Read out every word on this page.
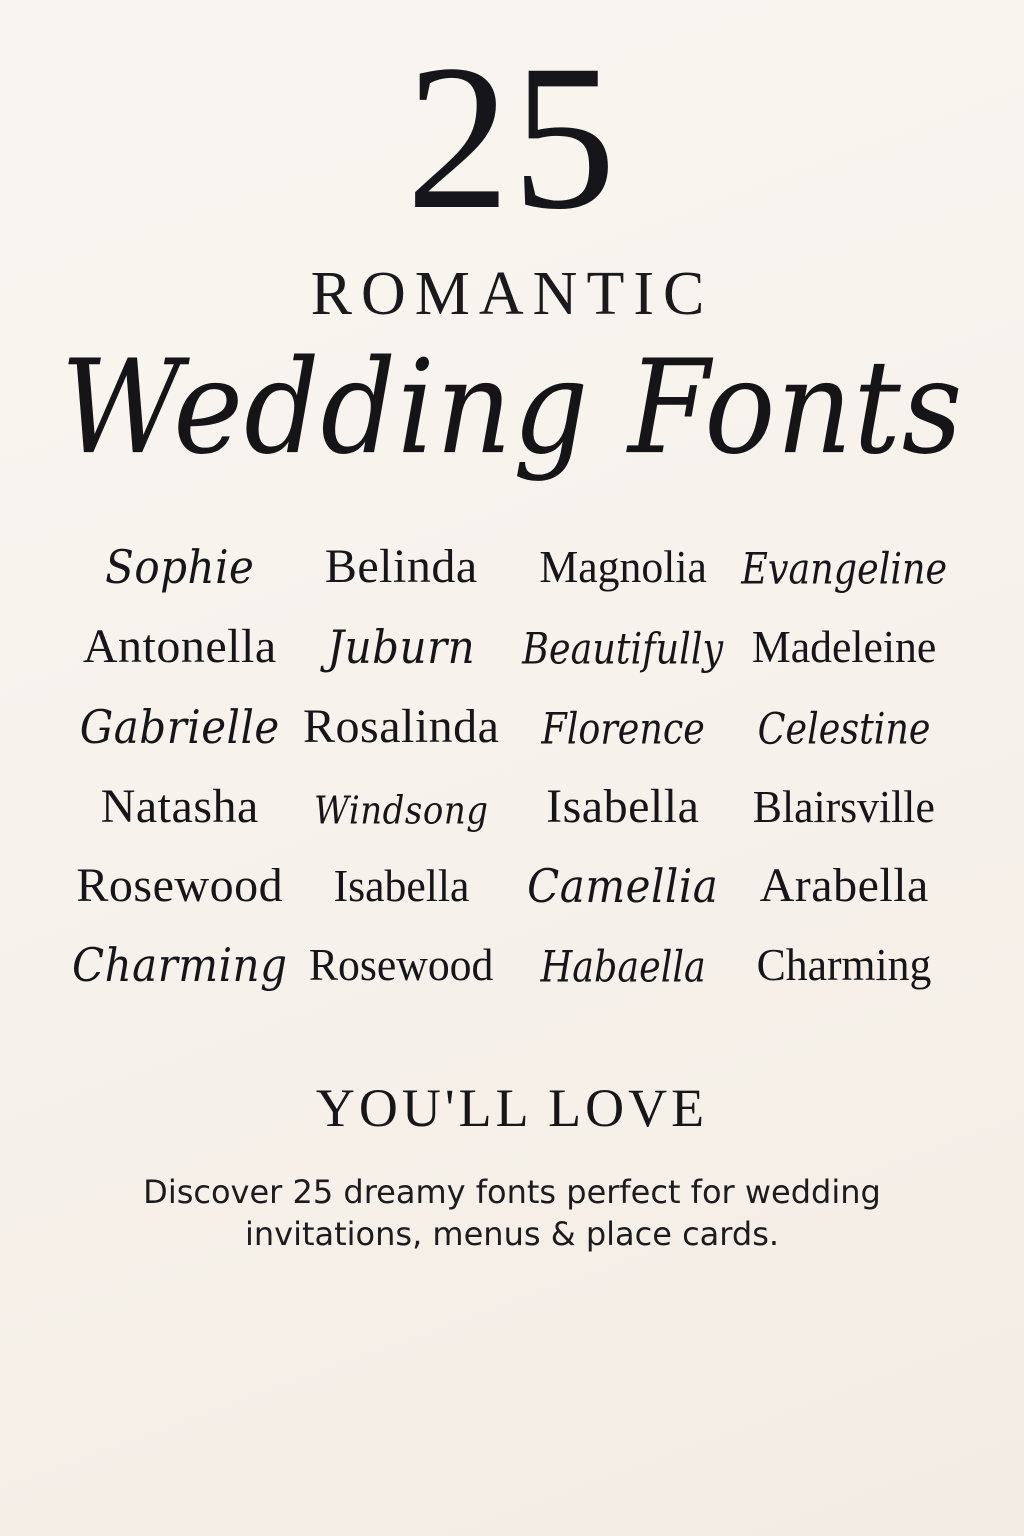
25
ROMANTIC
Wedding Fonts
Sophie Belinda Magnolia Evangeline
Antonella Juburn Beautifully Madeleine
Gabrielle Rosalinda Florence Celestine
Natasha Windsong Isabella Blairsville
Rosewood Isabella Camellia Arabella
Charming Rosewood Habaella Charming
YOU'LL LOVE
Discover 25 dreamy fonts perfect for wedding invitations, menus & place cards.
